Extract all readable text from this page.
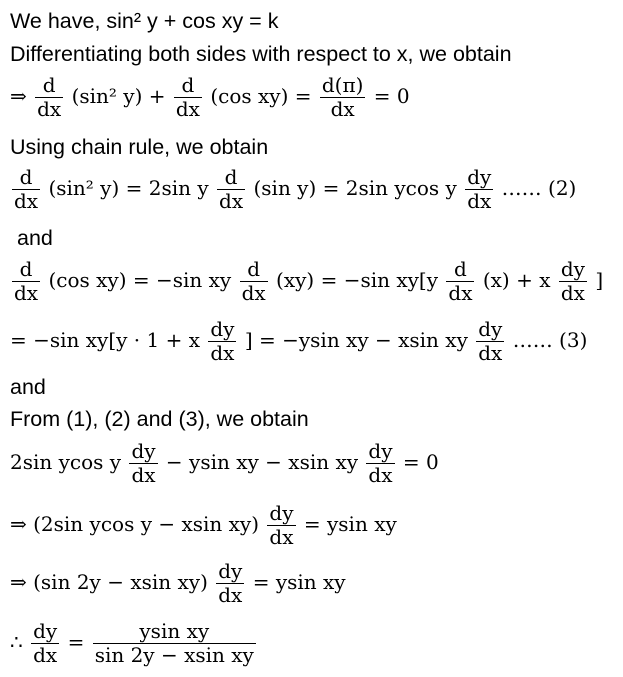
We have, sin² y + cos xy = k
Differentiating both sides with respect to x, we obtain
⇒ $\frac{d}{dx} (\sin^2$ $y) + \frac{d}{dx} (\cos$ $xy) = \frac{d(\pi)}{dx} = 0$
Using chain rule, we obtain
$\frac{d}{dx} (\sin^2$ y) = 2sin y $\frac{d}{dx} (\sin$ y) = 2sin ycos y $\frac{dy}{dx}$ …… (2)
and
$\frac{d}{dx} (\cos$ xy) = −sin xy $\frac{d}{dx} (xy) = -\sin$ $xy[y \frac{d}{dx} (x) + x \frac{dy}{dx}$ ]
= −sin xy[y · 1 + x $\frac{dy}{dx}$ ] = −ysin xy − xsin xy $\frac{dy}{dx}$ …… (3)
and
From (1), (2) and (3), we obtain
2sin ycos y $\frac{dy}{dx} - ysin$ xy − xsin xy $\frac{dy}{dx} = 0$
⇒ (2sin ycos y − xsin $xy) \frac{dy}{dx} = ysin$ xy
⇒ (sin 2y − xsin $xy) \frac{dy}{dx} = ysin$ xy
∴ $\frac{dy}{dx} = \frac{\text{ysin xy}}{\text{sin 2y − xsin xy}}$
